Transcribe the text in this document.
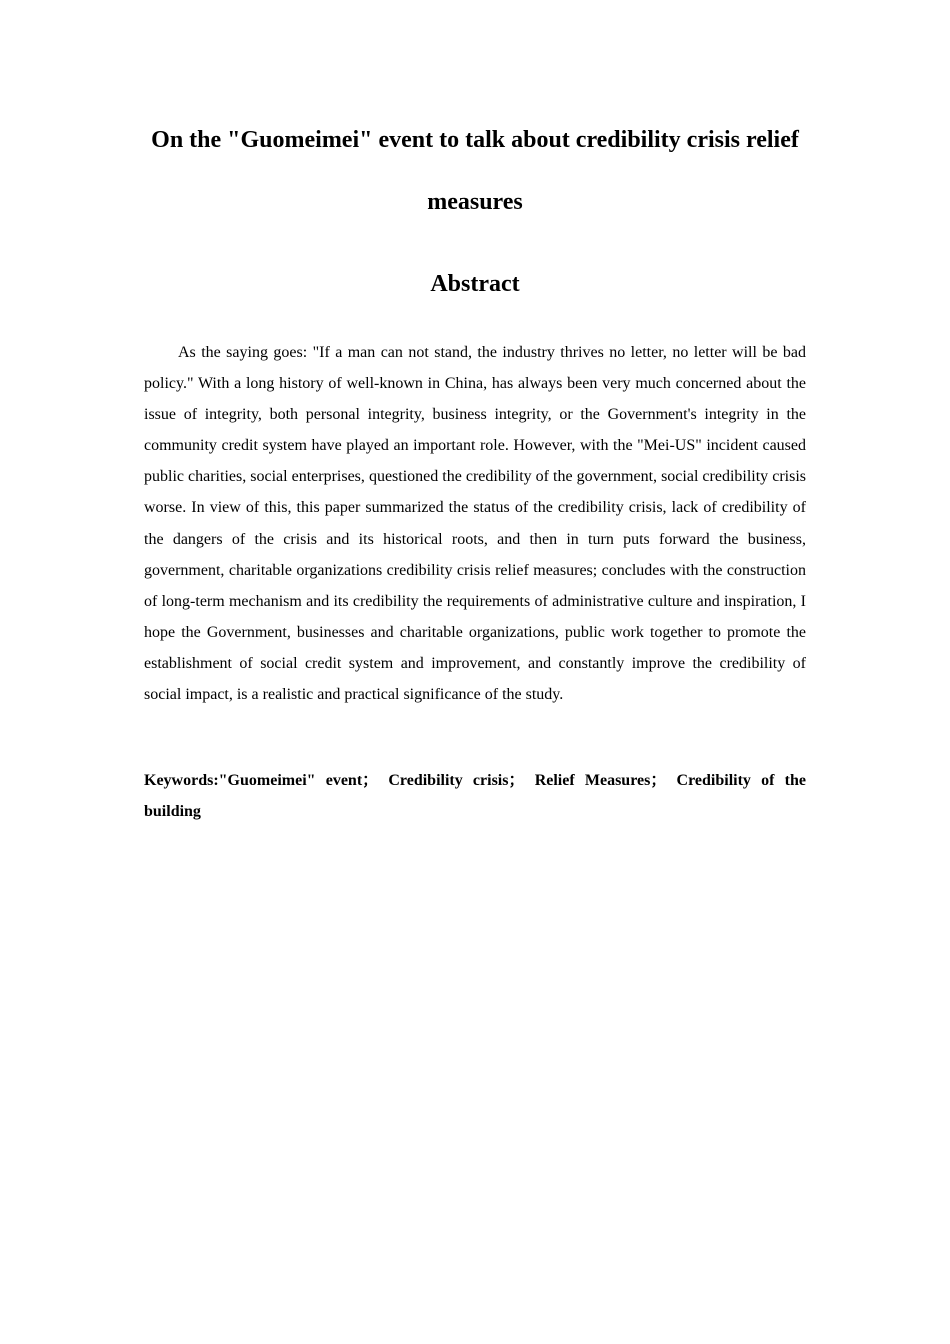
On the "Guomeimei" event to talk about credibility crisis relief
measures
Abstract

As the saying goes: "If a man can not stand, the industry thrives no letter, no letter will be bad policy." With a long history of well-known in China, has always been very much concerned about the issue of integrity, both personal integrity, business integrity, or the Government's integrity in the community credit system have played an important role. However, with the "Mei-US" incident caused public charities, social enterprises, questioned the credibility of the government, social credibility crisis worse. In view of this, this paper summarized the status of the credibility crisis, lack of credibility of the dangers of the crisis and its historical roots, and then in turn puts forward the business, government, charitable organizations credibility crisis relief measures; concludes with the construction of long-term mechanism and its credibility the requirements of administrative culture and inspiration, I hope the Government, businesses and charitable organizations, public work together to promote the establishment of social credit system and improvement, and constantly improve the credibility of social impact, is a realistic and practical significance of the study.

Keywords:"Guomeimei" event； Credibility crisis； Relief Measures； Credibility of the building
